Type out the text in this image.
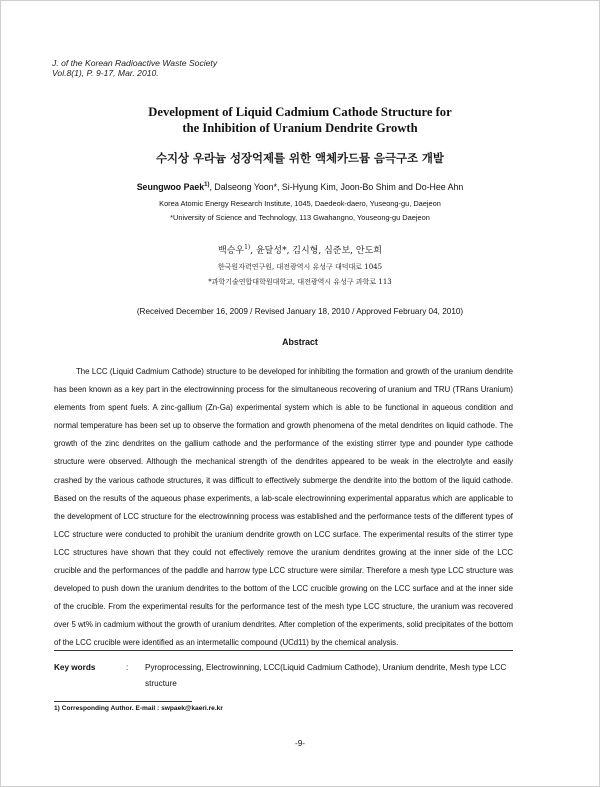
J. of the Korean Radioactive Waste Society
Vol.8(1), P. 9-17, Mar. 2010.
Development of Liquid Cadmium Cathode Structure for
the Inhibition of Uranium Dendrite Growth
수지상 우라늄 성장억제를 위한 액체카드뮴 음극구조 개발
Seungwoo Paek$^{1)}$, Dalseong Yoon*, Si-Hyung Kim, Joon-Bo Shim and Do-Hee Ahn
Korea Atomic Energy Research Institute, 1045, Daedeok-daero, Yuseong-gu, Daejeon
*University of Science and Technology, 113 Gwahangno, Youseong-gu Daejeon
백승우$^{1)}$, 윤달성*, 김시형, 심준보, 안도희
한국원자력연구원, 대전광역시 유성구 대덕대로 1045
*과학기술연합대학원대학교, 대전광역시 유성구 과학로 113
(Received December 16, 2009 / Revised January 18, 2010 / Approved February 04, 2010)
Abstract

The LCC (Liquid Cadmium Cathode) structure to be developed for inhibiting the formation and growth of the uranium dendrite has been known as a key part in the electrowinning process for the simultaneous recovering of uranium and TRU (TRans Uranium) elements from spent fuels. A zinc-gallium (Zn-Ga) experimental system which is able to be functional in aqueous condition and normal temperature has been set up to observe the formation and growth phenomena of the metal dendrites on liquid cathode. The growth of the zinc dendrites on the gallium cathode and the performance of the existing stirrer type and pounder type cathode structure were observed. Although the mechanical strength of the dendrites appeared to be weak in the electrolyte and easily crashed by the various cathode structures, it was difficult to effectively submerge the dendrite into the bottom of the liquid cathode. Based on the results of the aqueous phase experiments, a lab-scale electrowinning experimental apparatus which are applicable to the development of LCC structure for the electrowinning process was established and the performance tests of the different types of LCC structure were conducted to prohibit the uranium dendrite growth on LCC surface. The experimental results of the stirrer type LCC structures have shown that they could not effectively remove the uranium dendrites growing at the inner side of the LCC crucible and the performances of the paddle and harrow type LCC structure were similar. Therefore a mesh type LCC structure was developed to push down the uranium dendrites to the bottom of the LCC crucible growing on the LCC surface and at the inner side of the crucible. From the experimental results for the performance test of the mesh type LCC structure, the uranium was recovered over 5 wt% in cadmium without the growth of uranium dendrites. After completion of the experiments, solid precipitates of the bottom of the LCC crucible were identified as an intermetallic compound (UCd11) by the chemical analysis.

Key words	: Pyroprocessing, Electrowinning, LCC(Liquid Cadmium Cathode), Uranium dendrite, Mesh type LCC structure
1) Corresponding Author. E-mail : swpaek@kaeri.re.kr
-9-
